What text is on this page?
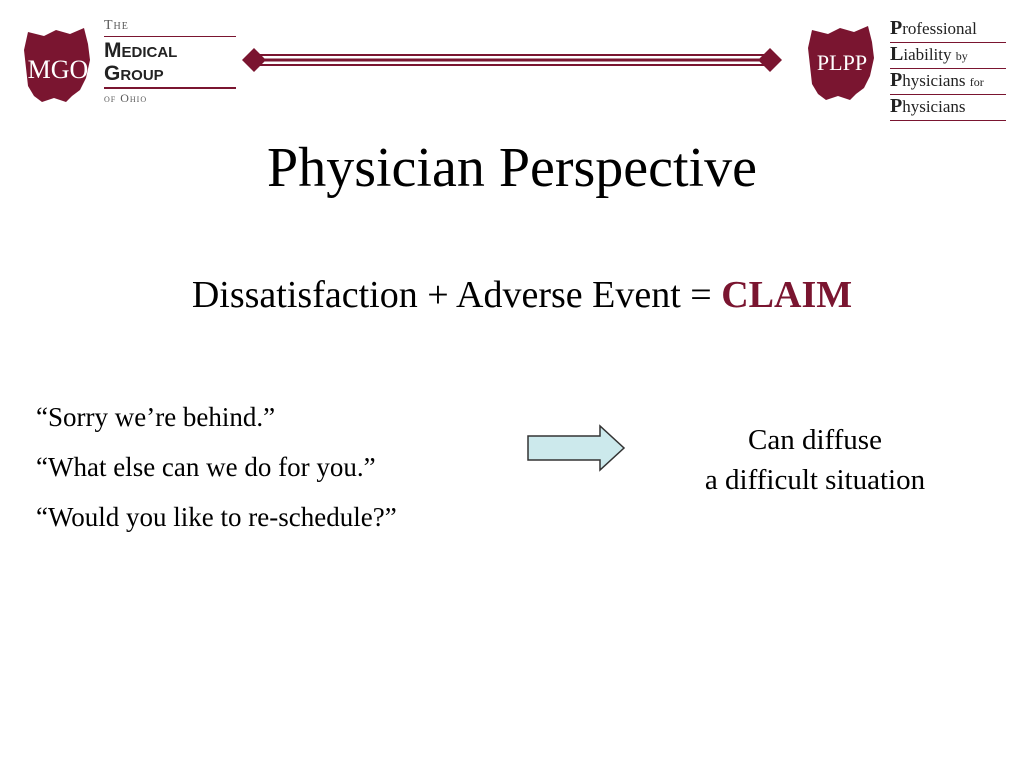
MGO
The
Medical
Group
of Ohio
PLPP
Professional
Liability by
Physicians for
Physicians
Physician Perspective
Dissatisfaction + Adverse Event = CLAIM
“Sorry we’re behind.”
“What else can we do for you.”
“Would you like to re-schedule?”
Can diffuse
a difficult situation
